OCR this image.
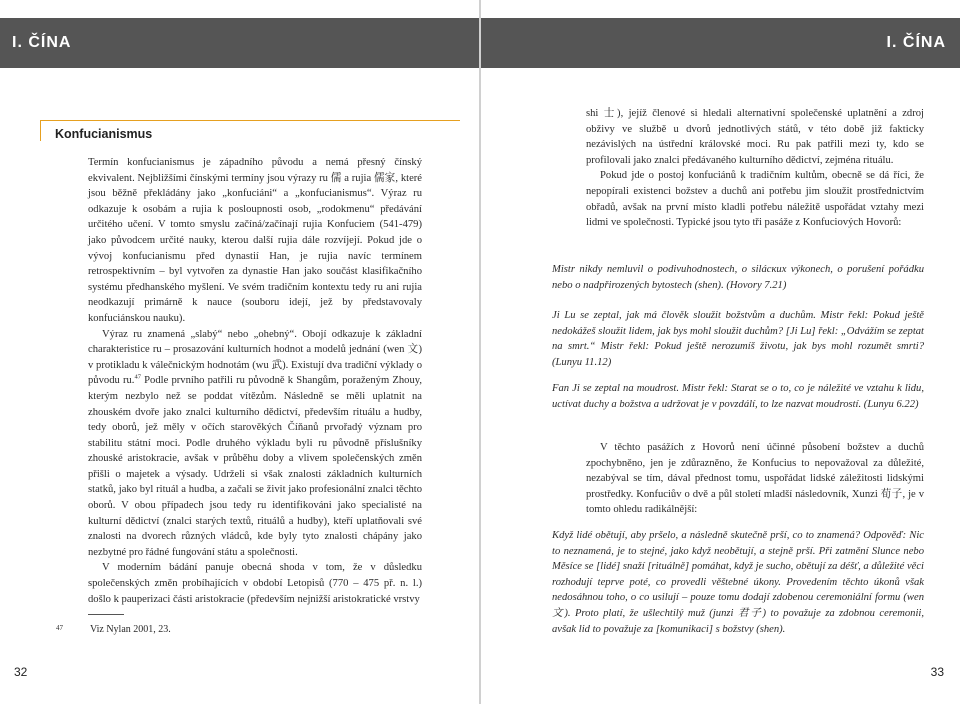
I. ČÍNA
Konfucianismus

Termín konfucianismus je západního původu a nemá přesný čínský ekvivalent. Nejbližšími čínskými termíny jsou výrazy ru 儒 a rujia 儒家, které jsou běžně překládány jako „konfuciáni“ a „konfucianismus“. Výraz ru odkazuje k osobám a rujia k posloupnosti osob, „rodokmenu“ předávání určitého učení. V tomto smyslu začíná/začínají rujia Konfuciem (541-479) jako původcem určité nauky, kterou další rujia dále rozvíjejí. Pokud jde o vývoj konfucianismu před dynastií Han, je rujia navíc termínem retrospektivním – byl vytvořen za dynastie Han jako součást klasifikačního systému předhanského myšlení. Ve svém tradičním kontextu tedy ru ani rujia neodkazují primárně k nauce (souboru idejí, jež by představovaly konfuciánskou nauku).

Výraz ru znamená „slabý“ nebo „ohebný“. Obojí odkazuje k základní charakteristice ru – prosazování kulturních hodnot a modelů jednání (wen 文) v protikladu k válečnickým hodnotám (wu 武). Existují dva tradiční výklady o původu ru.$^{47}$ Podle prvního patřili ru původně k Shangům, poraženým Zhouy, kterým nezbylo než se poddat vítězům. Následně se měli uplatnit na zhouském dvoře jako znalci kulturního dědictví, především rituálu a hudby, tedy oborů, jež měly v očích starověkých Číňanů prvořadý význam pro stabilitu státní moci. Podle druhého výkladu byli ru původně příslušníky zhouské aristokracie, avšak v průběhu doby a vlivem společenských změn přišli o majetek a výsady. Udrželi si však znalosti základních kulturních statků, jako byl rituál a hudba, a začali se živit jako profesionální znalci těchto oborů. V obou případech jsou tedy ru identifikováni jako specialisté na kulturní dědictví (znalci starých textů, rituálů a hudby), kteří uplatňovali své znalosti na dvorech různých vládců, kde byly tyto znalosti chápány jako nezbytné pro řádné fungování státu a společnosti.

V moderním bádání panuje obecná shoda v tom, že v důsledku společenských změn probíhajících v období Letopisů (770 – 475 př. n. l.) došlo k pauperizaci části aristokracie (především nejnižší aristokratické vrstvy

47	Viz Nylan 2001, 23.
32
I. ČÍNA

shi 士), jejíž členové si hledali alternativní společenské uplatnění a zdroj obživy ve službě u dvorů jednotlivých států, v této době již fakticky nezávislých na ústřední královské moci. Ru pak patřili mezi ty, kdo se profilovali jako znalci předávaného kulturního dědictví, zejména rituálu.

Pokud jde o postoj konfuciánů k tradičním kultům, obecně se dá říci, že nepopírali existenci božstev a duchů ani potřebu jim sloužit prostřednictvím obřadů, avšak na první místo kladli potřebu náležitě uspořádat vztahy mezi lidmi ve společnosti. Typické jsou tyto tři pasáže z Konfuciových Hovorů:

Mistr nikdy nemluvil o podivuhodnostech, o silácких výkonech, o porušení pořádku nebo o nadpřirozených bytostech (shen). (Hovory 7.21)

Ji Lu se zeptal, jak má člověk sloužit božstvům a duchům. Mistr řekl: Pokud ještě nedokážeš sloužit lidem, jak bys mohl sloužit duchům? [Ji Lu] řekl: „Odvážím se zeptat na smrt.“ Mistr řekl: Pokud ještě nerozumíš životu, jak bys mohl rozumět smrti? (Lunyu 11.12)

Fan Ji se zeptal na moudrost. Mistr řekl: Starat se o to, co je náležité ve vztahu k lidu, uctívat duchy a božstva a udržovat je v povzdálí, to lze nazvat moudrostí. (Lunyu 6.22)

V těchto pasážích z Hovorů není účinné působení božstev a duchů zpochybněno, jen je zdůrazněno, že Konfucius to nepovažoval za důležité, nezabýval se tím, dával přednost tomu, uspořádat lidské záležitosti lidskými prostředky. Konfuciův o dvě a půl století mladší následovník, Xunzi 荀子, je v tomto ohledu radikálnější:

Když lidé obětují, aby pršelo, a následně skutečně prší, co to znamená? Odpověď: Nic to neznamená, je to stejné, jako když neobětují, a stejně prší. Při zatmění Slunce nebo Měsíce se [lidé] snaží [rituálně] pomáhat, když je sucho, obětují za déšť, a důležité věci rozhodují teprve poté, co provedli věštebné úkony. Provedením těchto úkonů však nedosáhnou toho, o co usilují – pouze tomu dodají zdobenou ceremoniální formu (wen 文). Proto platí, že ušlechtilý muž (junzi 君子) to považuje za zdobnou ceremonii, avšak lid to považuje za [komunikaci] s božstvy (shen).

33
